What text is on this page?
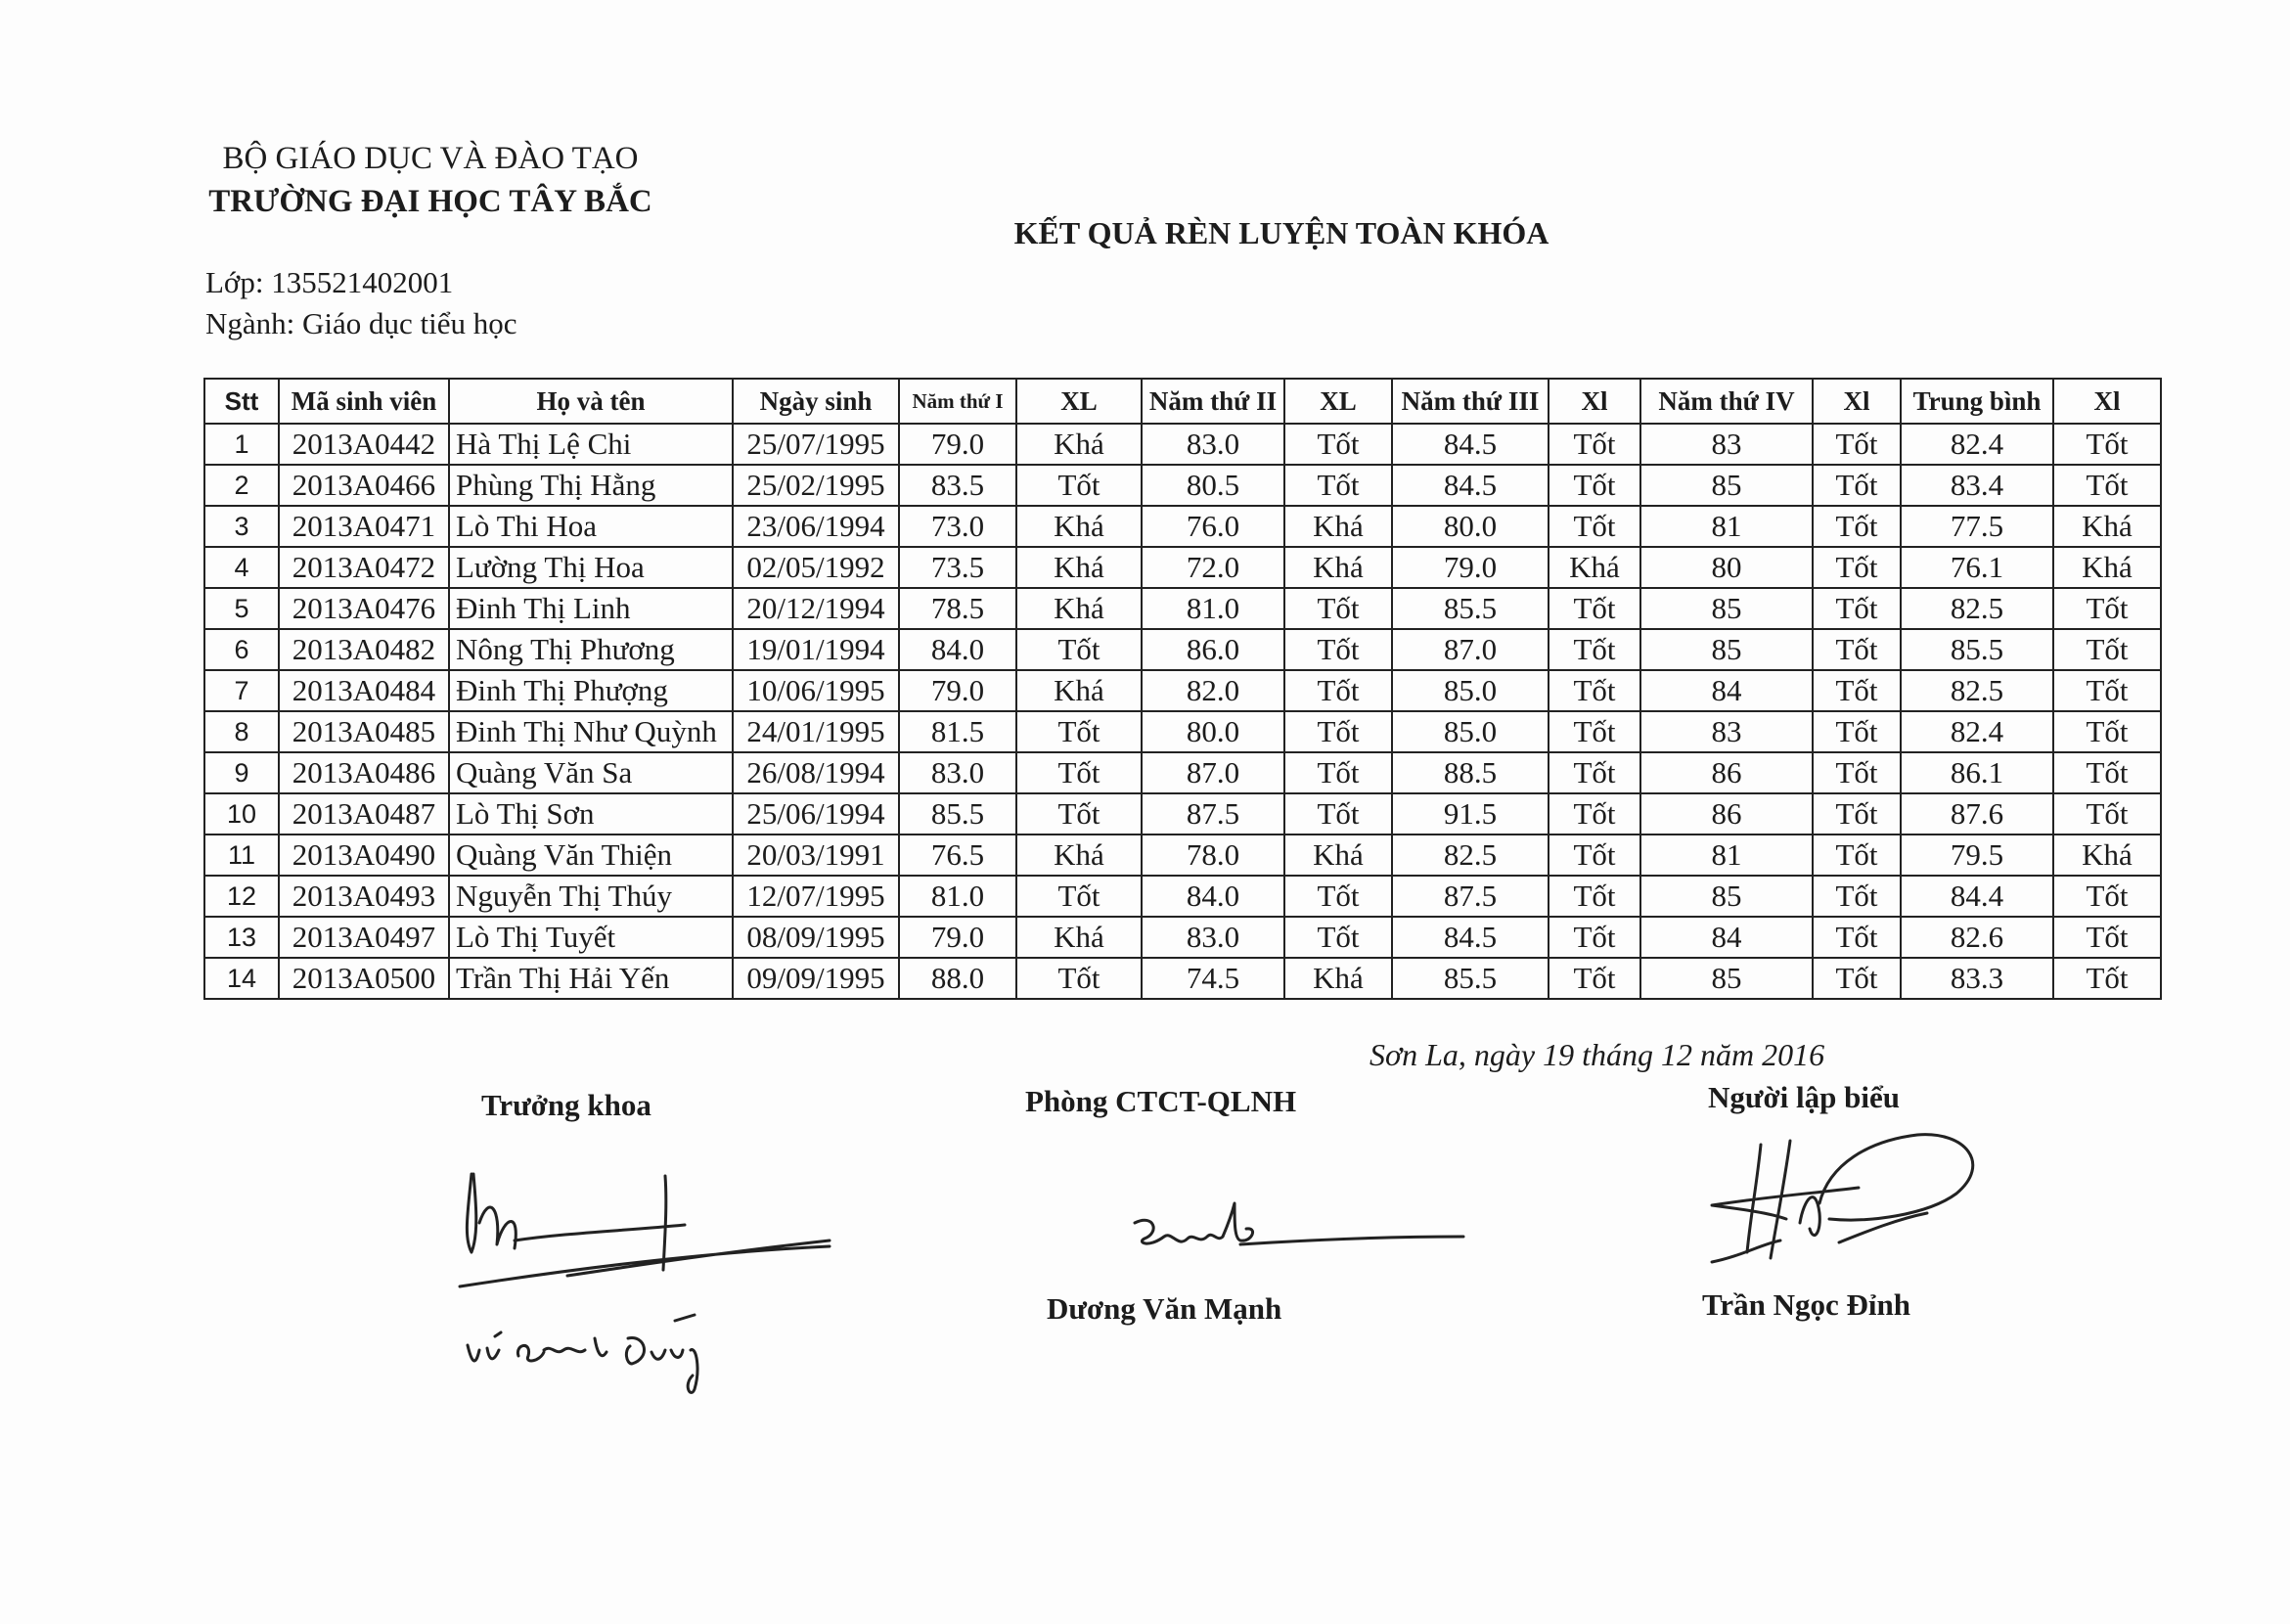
BỘ GIÁO DỤC VÀ ĐÀO TẠO
TRƯỜNG ĐẠI HỌC TÂY BẮC
KẾT QUẢ RÈN LUYỆN TOÀN KHÓA
Lớp: 135521402001
Ngành: Giáo dục tiểu học
Stt	Mã sinh viên	Họ và tên	Ngày sinh	Năm thứ I	XL	Năm thứ II	XL	Năm thứ III	Xl	Năm thứ IV	Xl	Trung bình	Xl
1	2013A0442	Hà Thị Lệ Chi	25/07/1995	79.0	Khá	83.0	Tốt	84.5	Tốt	83	Tốt	82.4	Tốt
2	2013A0466	Phùng Thị Hằng	25/02/1995	83.5	Tốt	80.5	Tốt	84.5	Tốt	85	Tốt	83.4	Tốt
3	2013A0471	Lò Thi Hoa	23/06/1994	73.0	Khá	76.0	Khá	80.0	Tốt	81	Tốt	77.5	Khá
4	2013A0472	Lường Thị Hoa	02/05/1992	73.5	Khá	72.0	Khá	79.0	Khá	80	Tốt	76.1	Khá
5	2013A0476	Đinh Thị Linh	20/12/1994	78.5	Khá	81.0	Tốt	85.5	Tốt	85	Tốt	82.5	Tốt
6	2013A0482	Nông Thị Phương	19/01/1994	84.0	Tốt	86.0	Tốt	87.0	Tốt	85	Tốt	85.5	Tốt
7	2013A0484	Đinh Thị Phượng	10/06/1995	79.0	Khá	82.0	Tốt	85.0	Tốt	84	Tốt	82.5	Tốt
8	2013A0485	Đinh Thị Như Quỳnh	24/01/1995	81.5	Tốt	80.0	Tốt	85.0	Tốt	83	Tốt	82.4	Tốt
9	2013A0486	Quàng Văn Sa	26/08/1994	83.0	Tốt	87.0	Tốt	88.5	Tốt	86	Tốt	86.1	Tốt
10	2013A0487	Lò Thị Sơn	25/06/1994	85.5	Tốt	87.5	Tốt	91.5	Tốt	86	Tốt	87.6	Tốt
11	2013A0490	Quàng Văn Thiện	20/03/1991	76.5	Khá	78.0	Khá	82.5	Tốt	81	Tốt	79.5	Khá
12	2013A0493	Nguyễn Thị Thúy	12/07/1995	81.0	Tốt	84.0	Tốt	87.5	Tốt	85	Tốt	84.4	Tốt
13	2013A0497	Lò Thị Tuyết	08/09/1995	79.0	Khá	83.0	Tốt	84.5	Tốt	84	Tốt	82.6	Tốt
14	2013A0500	Trần Thị Hải Yến	09/09/1995	88.0	Tốt	74.5	Khá	85.5	Tốt	85	Tốt	83.3	Tốt
Sơn La, ngày 19 tháng 12 năm 2016
Trưởng khoa	Phòng CTCT-QLNH
Dương Văn Mạnh
Người lập biểu
Trần Ngọc Đỉnh
